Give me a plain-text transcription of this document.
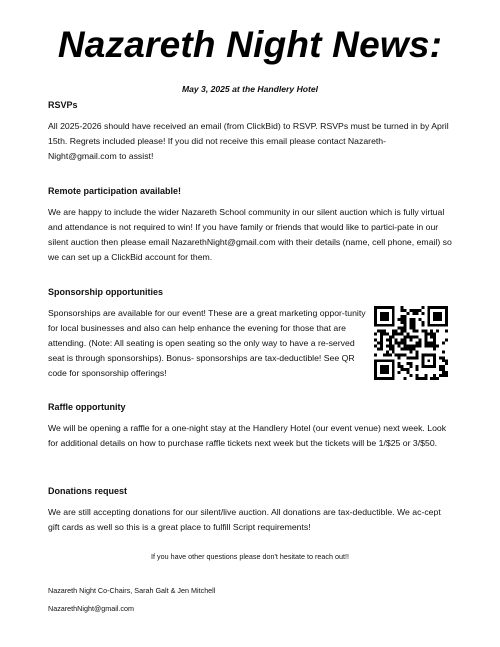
Nazareth Night News:

May 3, 2025 at the Handlery Hotel

RSVPs

All 2025-2026 should have received an email (from ClickBid) to RSVP. RSVPs must be turned in by April 15th. Regrets included please! If you did not receive this email please contact Nazareth-Night@gmail.com to assist!

Remote participation available!

We are happy to include the wider Nazareth School community in our silent auction which is fully virtual and attendance is not required to win! If you have family or friends that would like to partici-pate in our silent auction then please email NazarethNight@gmail.com with their details (name, cell phone, email) so we can set up a ClickBid account for them.

Sponsorship opportunities

Sponsorships are available for our event! These are a great marketing oppor-tunity for local businesses and also can help enhance the evening for those that are attending. (Note: All seating is open seating so the only way to have a re-served seat is through sponsorships). Bonus- sponsorships are tax-deductible! See QR code for sponsorship offerings!

Raffle opportunity

We will be opening a raffle for a one-night stay at the Handlery Hotel (our event venue) next week. Look for additional details on how to purchase raffle tickets next week but the tickets will be 1/$25 or 3/$50.

Donations request

We are still accepting donations for our silent/live auction. All donations are tax-deductible. We ac-cept gift cards as well so this is a great place to fulfill Script requirements!

If you have other questions please don't hesitate to reach out!!

Nazareth Night Co-Chairs, Sarah Galt & Jen Mitchell

NazarethNight@gmail.com
